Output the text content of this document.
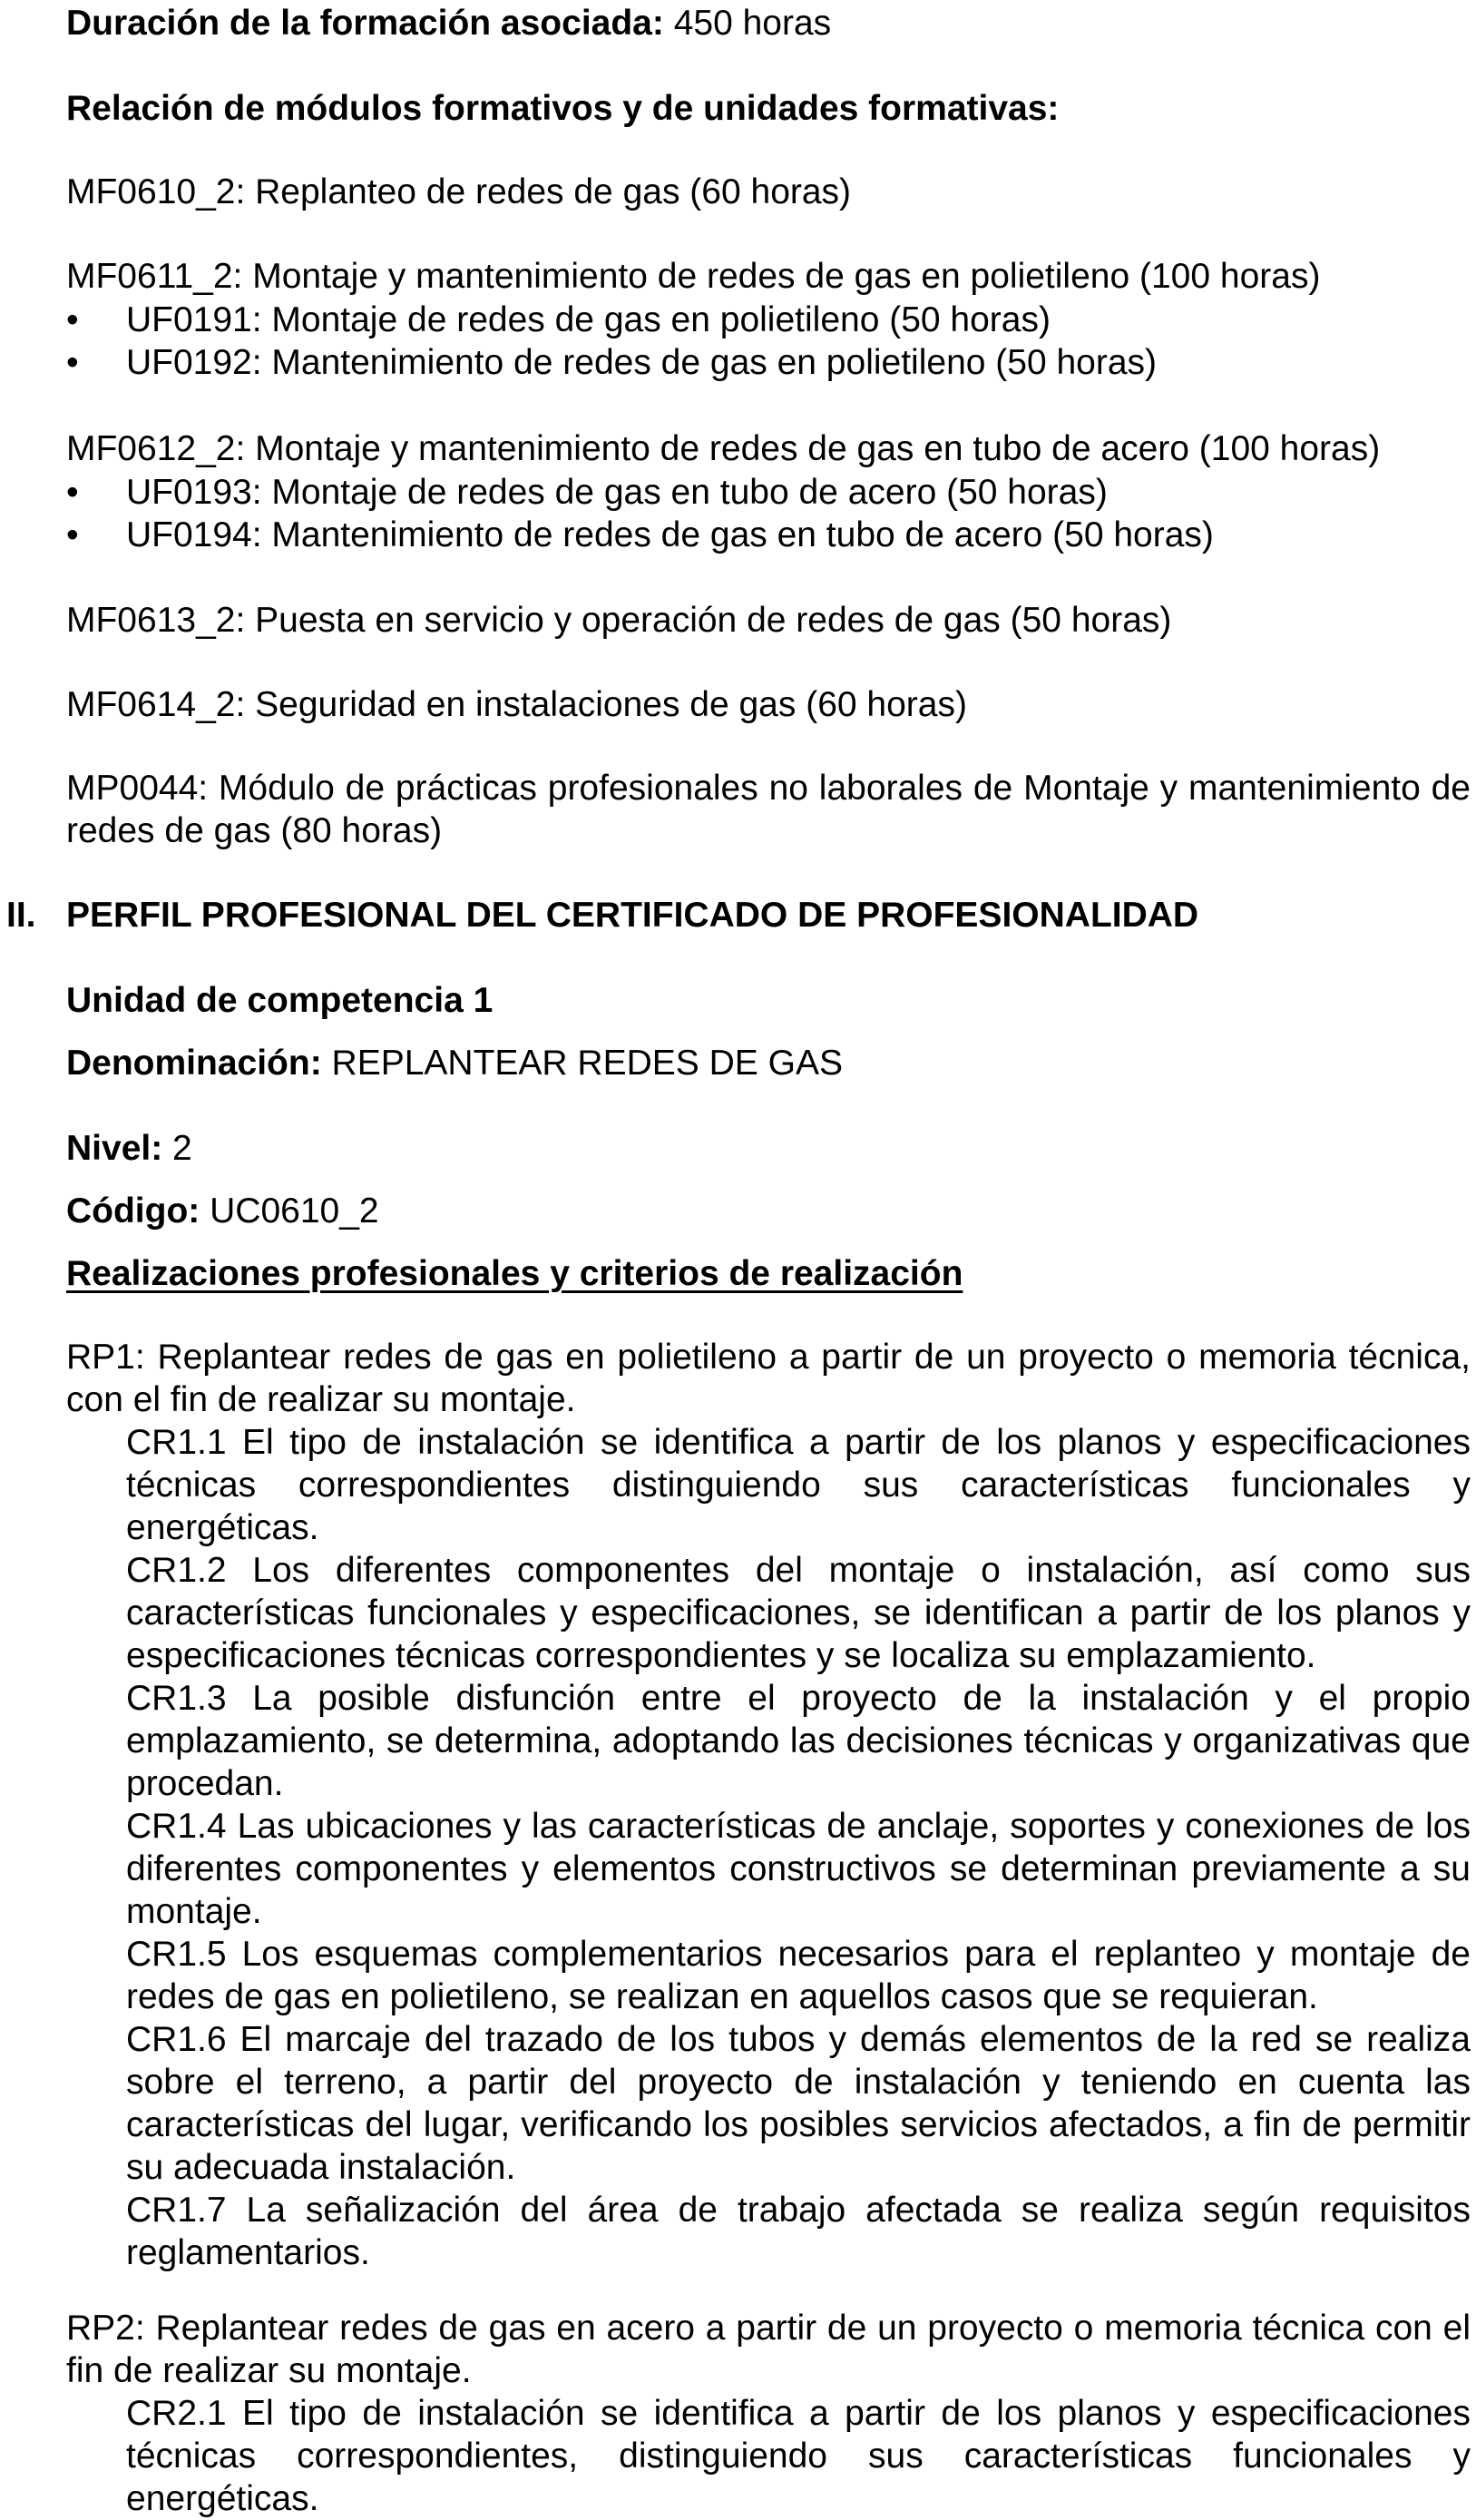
Duración de la formación asociada: 450 horas

Relación de módulos formativos y de unidades formativas:

MF0610_2: Replanteo de redes de gas (60 horas)

MF0611_2: Montaje y mantenimiento de redes de gas en polietileno (100 horas)

• UF0191: Montaje de redes de gas en polietileno (50 horas)
• UF0192: Mantenimiento de redes de gas en polietileno (50 horas)

MF0612_2: Montaje y mantenimiento de redes de gas en tubo de acero (100 horas)

• UF0193: Montaje de redes de gas en tubo de acero (50 horas)
• UF0194: Mantenimiento de redes de gas en tubo de acero (50 horas)

MF0613_2: Puesta en servicio y operación de redes de gas (50 horas)

MF0614_2: Seguridad en instalaciones de gas (60 horas)

MP0044: Módulo de prácticas profesionales no laborales de Montaje y mantenimiento de redes de gas (80 horas)

II. PERFIL PROFESIONAL DEL CERTIFICADO DE PROFESIONALIDAD

Unidad de competencia 1

Denominación: REPLANTEAR REDES DE GAS

Nivel: 2

Código: UC0610_2

Realizaciones profesionales y criterios de realización

RP1: Replantear redes de gas en polietileno a partir de un proyecto o memoria técnica, con el fin de realizar su montaje.

CR1.1 El tipo de instalación se identifica a partir de los planos y especificaciones técnicas correspondientes distinguiendo sus características funcionales y energéticas.

CR1.2 Los diferentes componentes del montaje o instalación, así como sus características funcionales y especificaciones, se identifican a partir de los planos y especificaciones técnicas correspondientes y se localiza su emplazamiento.

CR1.3 La posible disfunción entre el proyecto de la instalación y el propio emplazamiento, se determina, adoptando las decisiones técnicas y organizativas que procedan.

CR1.4 Las ubicaciones y las características de anclaje, soportes y conexiones de los diferentes componentes y elementos constructivos se determinan previamente a su montaje.

CR1.5 Los esquemas complementarios necesarios para el replanteo y montaje de redes de gas en polietileno, se realizan en aquellos casos que se requieran.

CR1.6 El marcaje del trazado de los tubos y demás elementos de la red se realiza sobre el terreno, a partir del proyecto de instalación y teniendo en cuenta las características del lugar, verificando los posibles servicios afectados, a fin de permitir su adecuada instalación.

CR1.7 La señalización del área de trabajo afectada se realiza según requisitos reglamentarios.

RP2: Replantear redes de gas en acero a partir de un proyecto o memoria técnica con el fin de realizar su montaje.

CR2.1 El tipo de instalación se identifica a partir de los planos y especificaciones técnicas correspondientes, distinguiendo sus características funcionales y energéticas.
